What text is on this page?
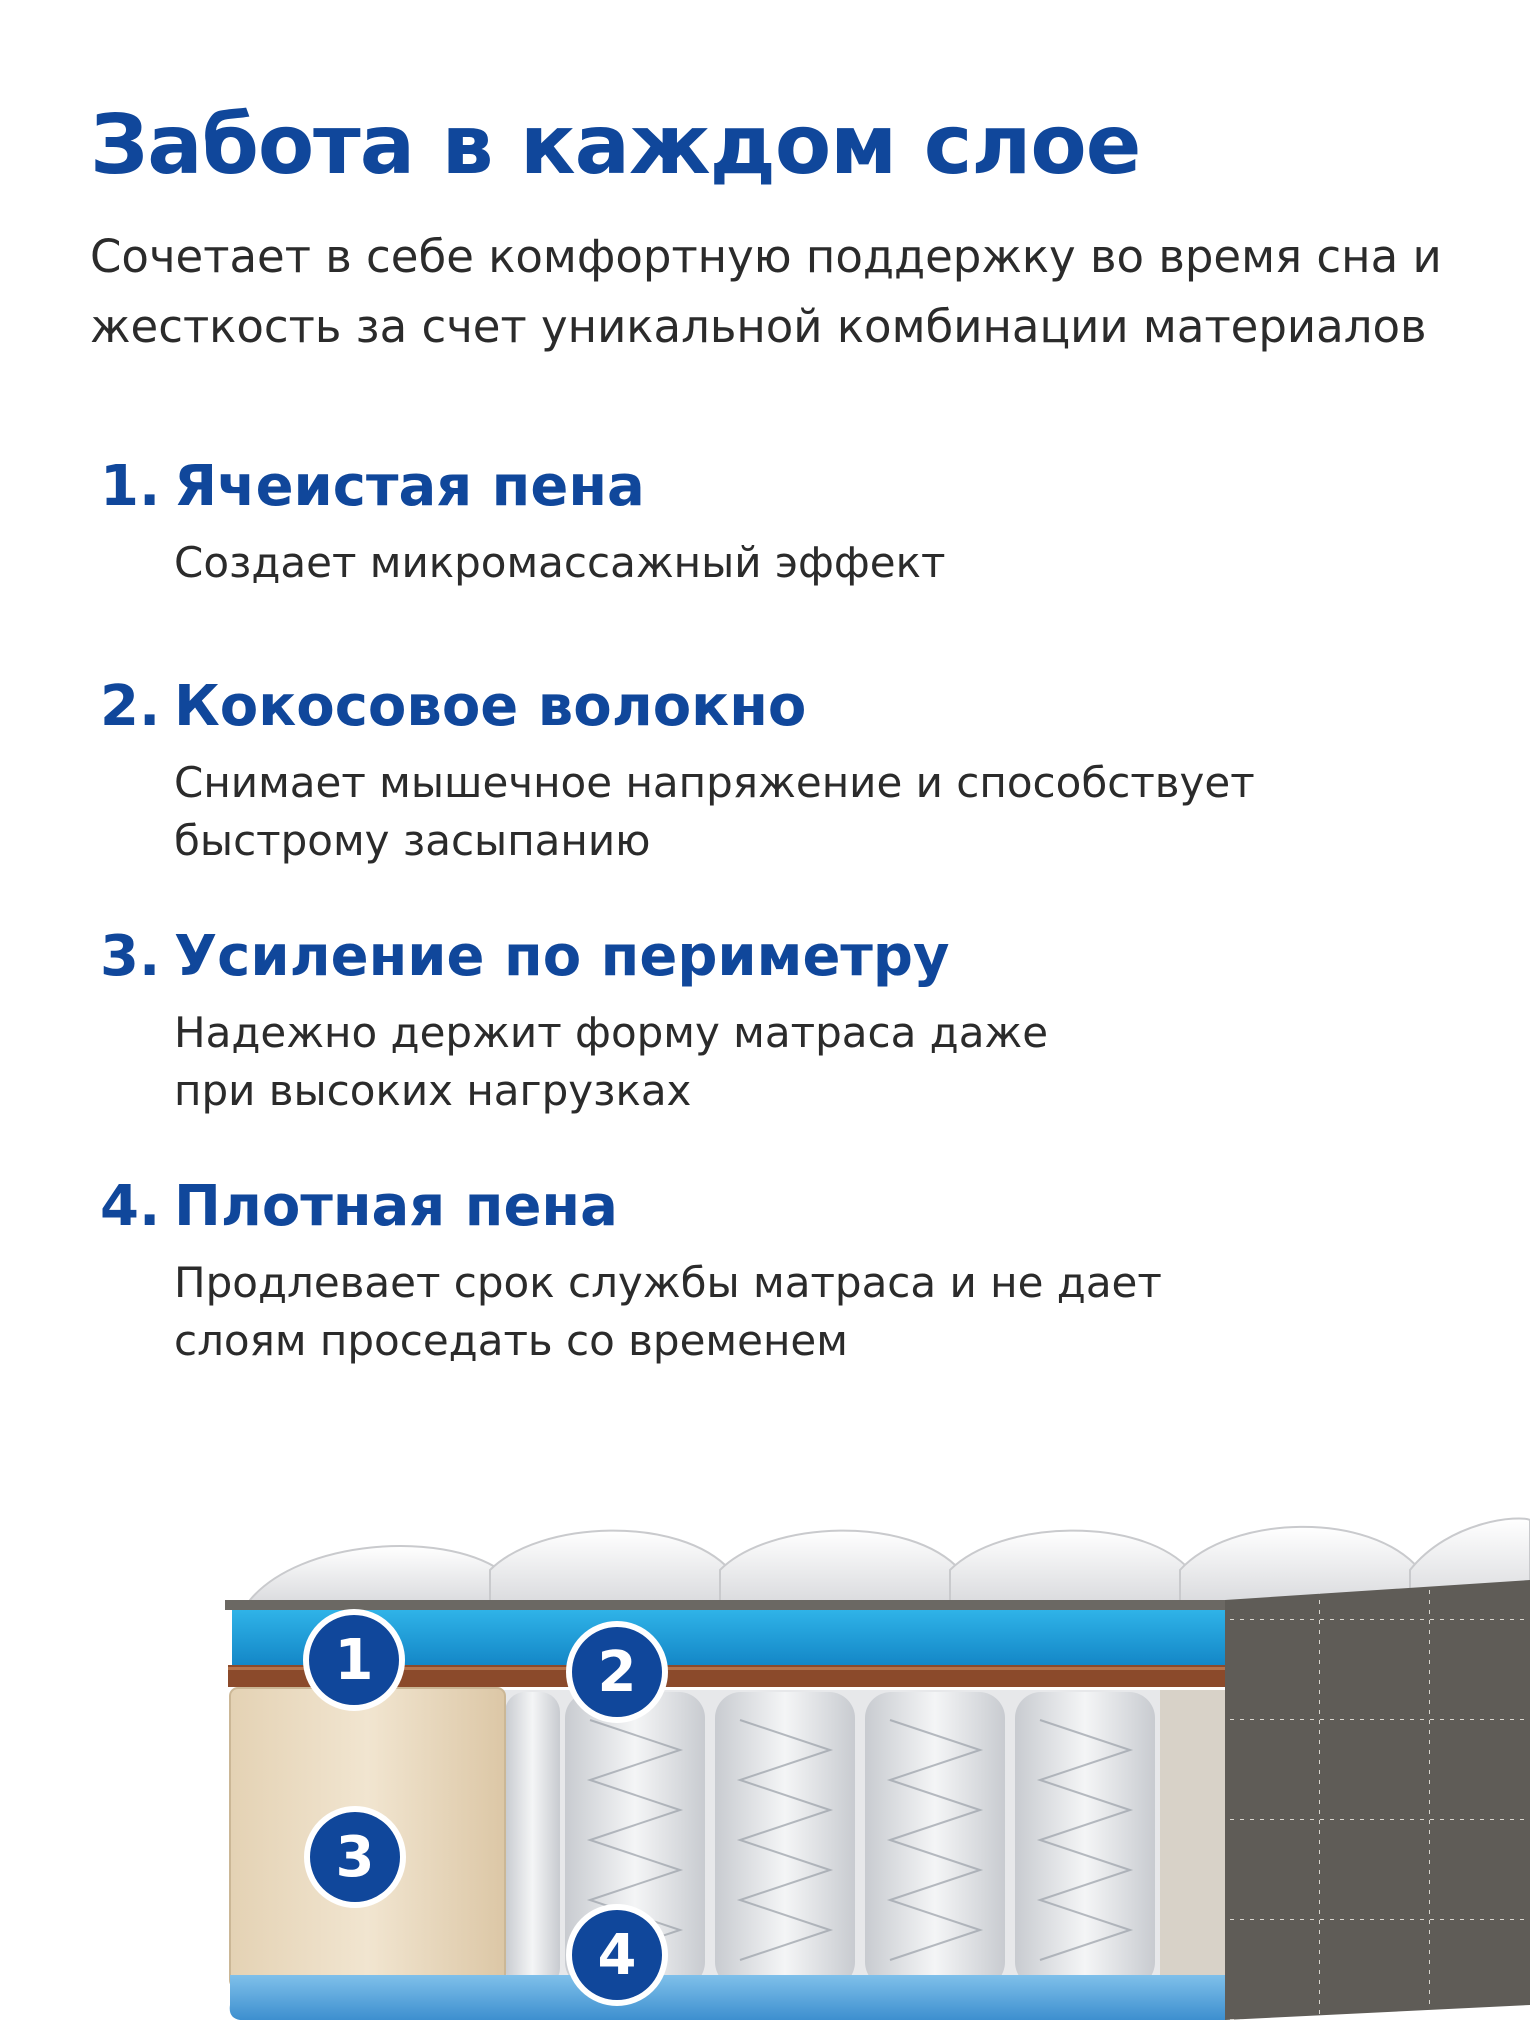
Забота в каждом слое
Сочетает в себе комфортную поддержку во время сна и жесткость за счет уникальной комбинации материалов
1. Ячеистая пена
Создает микромассажный эффект
2. Кокосовое волокно
Снимает мышечное напряжение и способствует быстрому засыпанию
3. Усиление по периметру
Надежно держит форму матраса даже при высоких нагрузках
4. Плотная пена
Продлевает срок службы матраса и не дает слоям проседать со временем
1	2
3
4
